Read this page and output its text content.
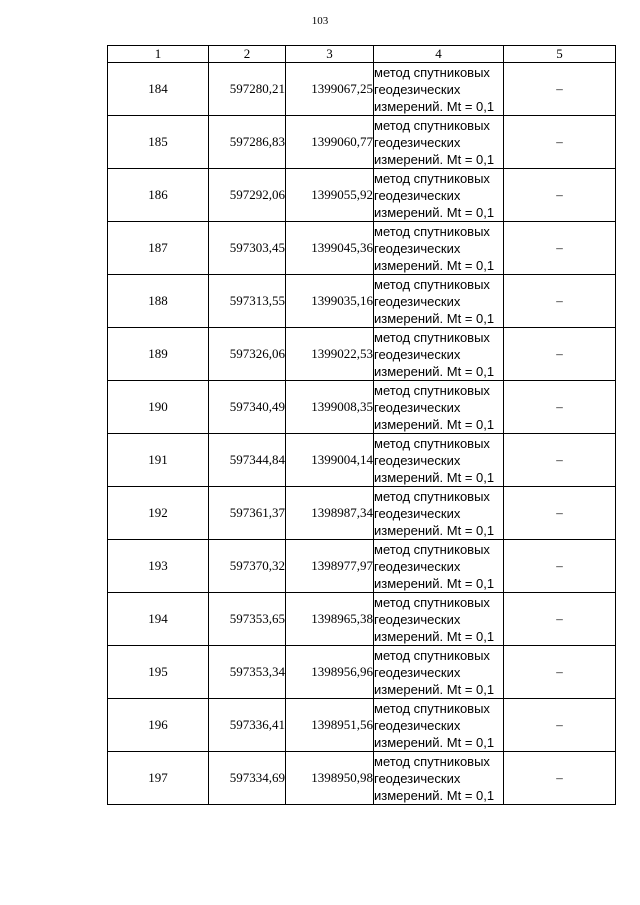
103
1	2	3	4	5
184	597280,21	1399067,25	метод спутниковых
геодезических
измерений. Mt = 0,1	–
185	597286,83	1399060,77	метод спутниковых
геодезических
измерений. Mt = 0,1	–
186	597292,06	1399055,92	метод спутниковых
геодезических
измерений. Mt = 0,1	–
187	597303,45	1399045,36	метод спутниковых
геодезических
измерений. Mt = 0,1	–
188	597313,55	1399035,16	метод спутниковых
геодезических
измерений. Mt = 0,1	–
189	597326,06	1399022,53	метод спутниковых
геодезических
измерений. Mt = 0,1	–
190	597340,49	1399008,35	метод спутниковых
геодезических
измерений. Mt = 0,1	–
191	597344,84	1399004,14	метод спутниковых
геодезических
измерений. Mt = 0,1	–
192	597361,37	1398987,34	метод спутниковых
геодезических
измерений. Mt = 0,1	–
193	597370,32	1398977,97	метод спутниковых
геодезических
измерений. Mt = 0,1	–
194	597353,65	1398965,38	метод спутниковых
геодезических
измерений. Mt = 0,1	–
195	597353,34	1398956,96	метод спутниковых
геодезических
измерений. Mt = 0,1	–
196	597336,41	1398951,56	метод спутниковых
геодезических
измерений. Mt = 0,1	–
197	597334,69	1398950,98	метод спутниковых
геодезических
измерений. Mt = 0,1	–
